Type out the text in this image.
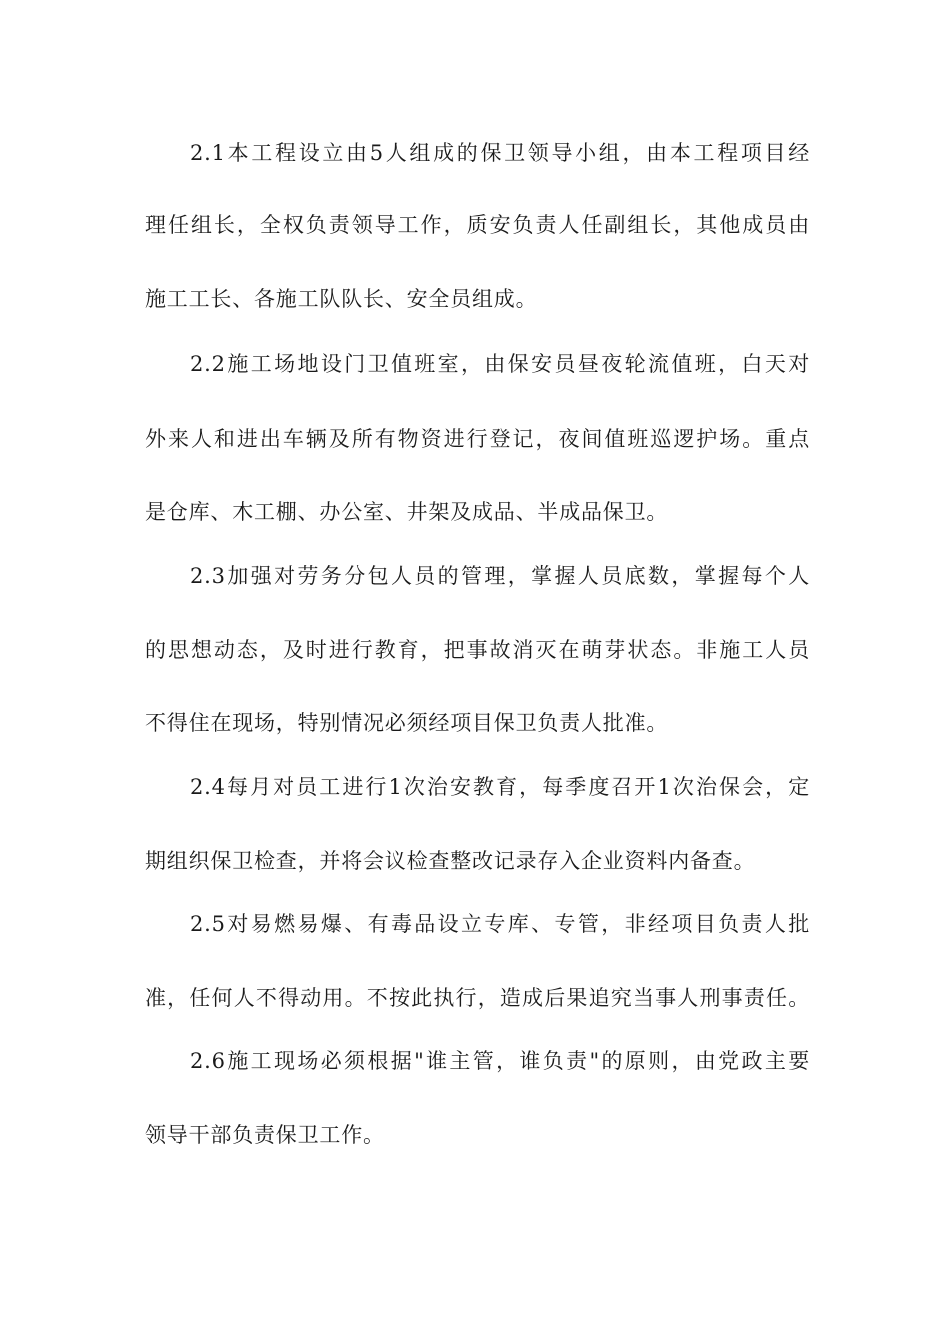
2.1本工程设立由5人组成的保卫领导小组，由本工程项目经

理任组长，全权负责领导工作，质安负责人任副组长，其他成员由

施工工长、各施工队队长、安全员组成。

2.2施工场地设门卫值班室，由保安员昼夜轮流值班，白天对

外来人和进出车辆及所有物资进行登记，夜间值班巡逻护场。重点

是仓库、木工棚、办公室、井架及成品、半成品保卫。

2.3加强对劳务分包人员的管理，掌握人员底数，掌握每个人

的思想动态，及时进行教育，把事故消灭在萌芽状态。非施工人员

不得住在现场，特别情况必须经项目保卫负责人批准。

2.4每月对员工进行1次治安教育，每季度召开1次治保会，定

期组织保卫检查，并将会议检查整改记录存入企业资料内备查。

2.5对易燃易爆、有毒品设立专库、专管，非经项目负责人批

准，任何人不得动用。不按此执行，造成后果追究当事人刑事责任。

2.6施工现场必须根据"谁主管，谁负责"的原则，由党政主要

领导干部负责保卫工作。
